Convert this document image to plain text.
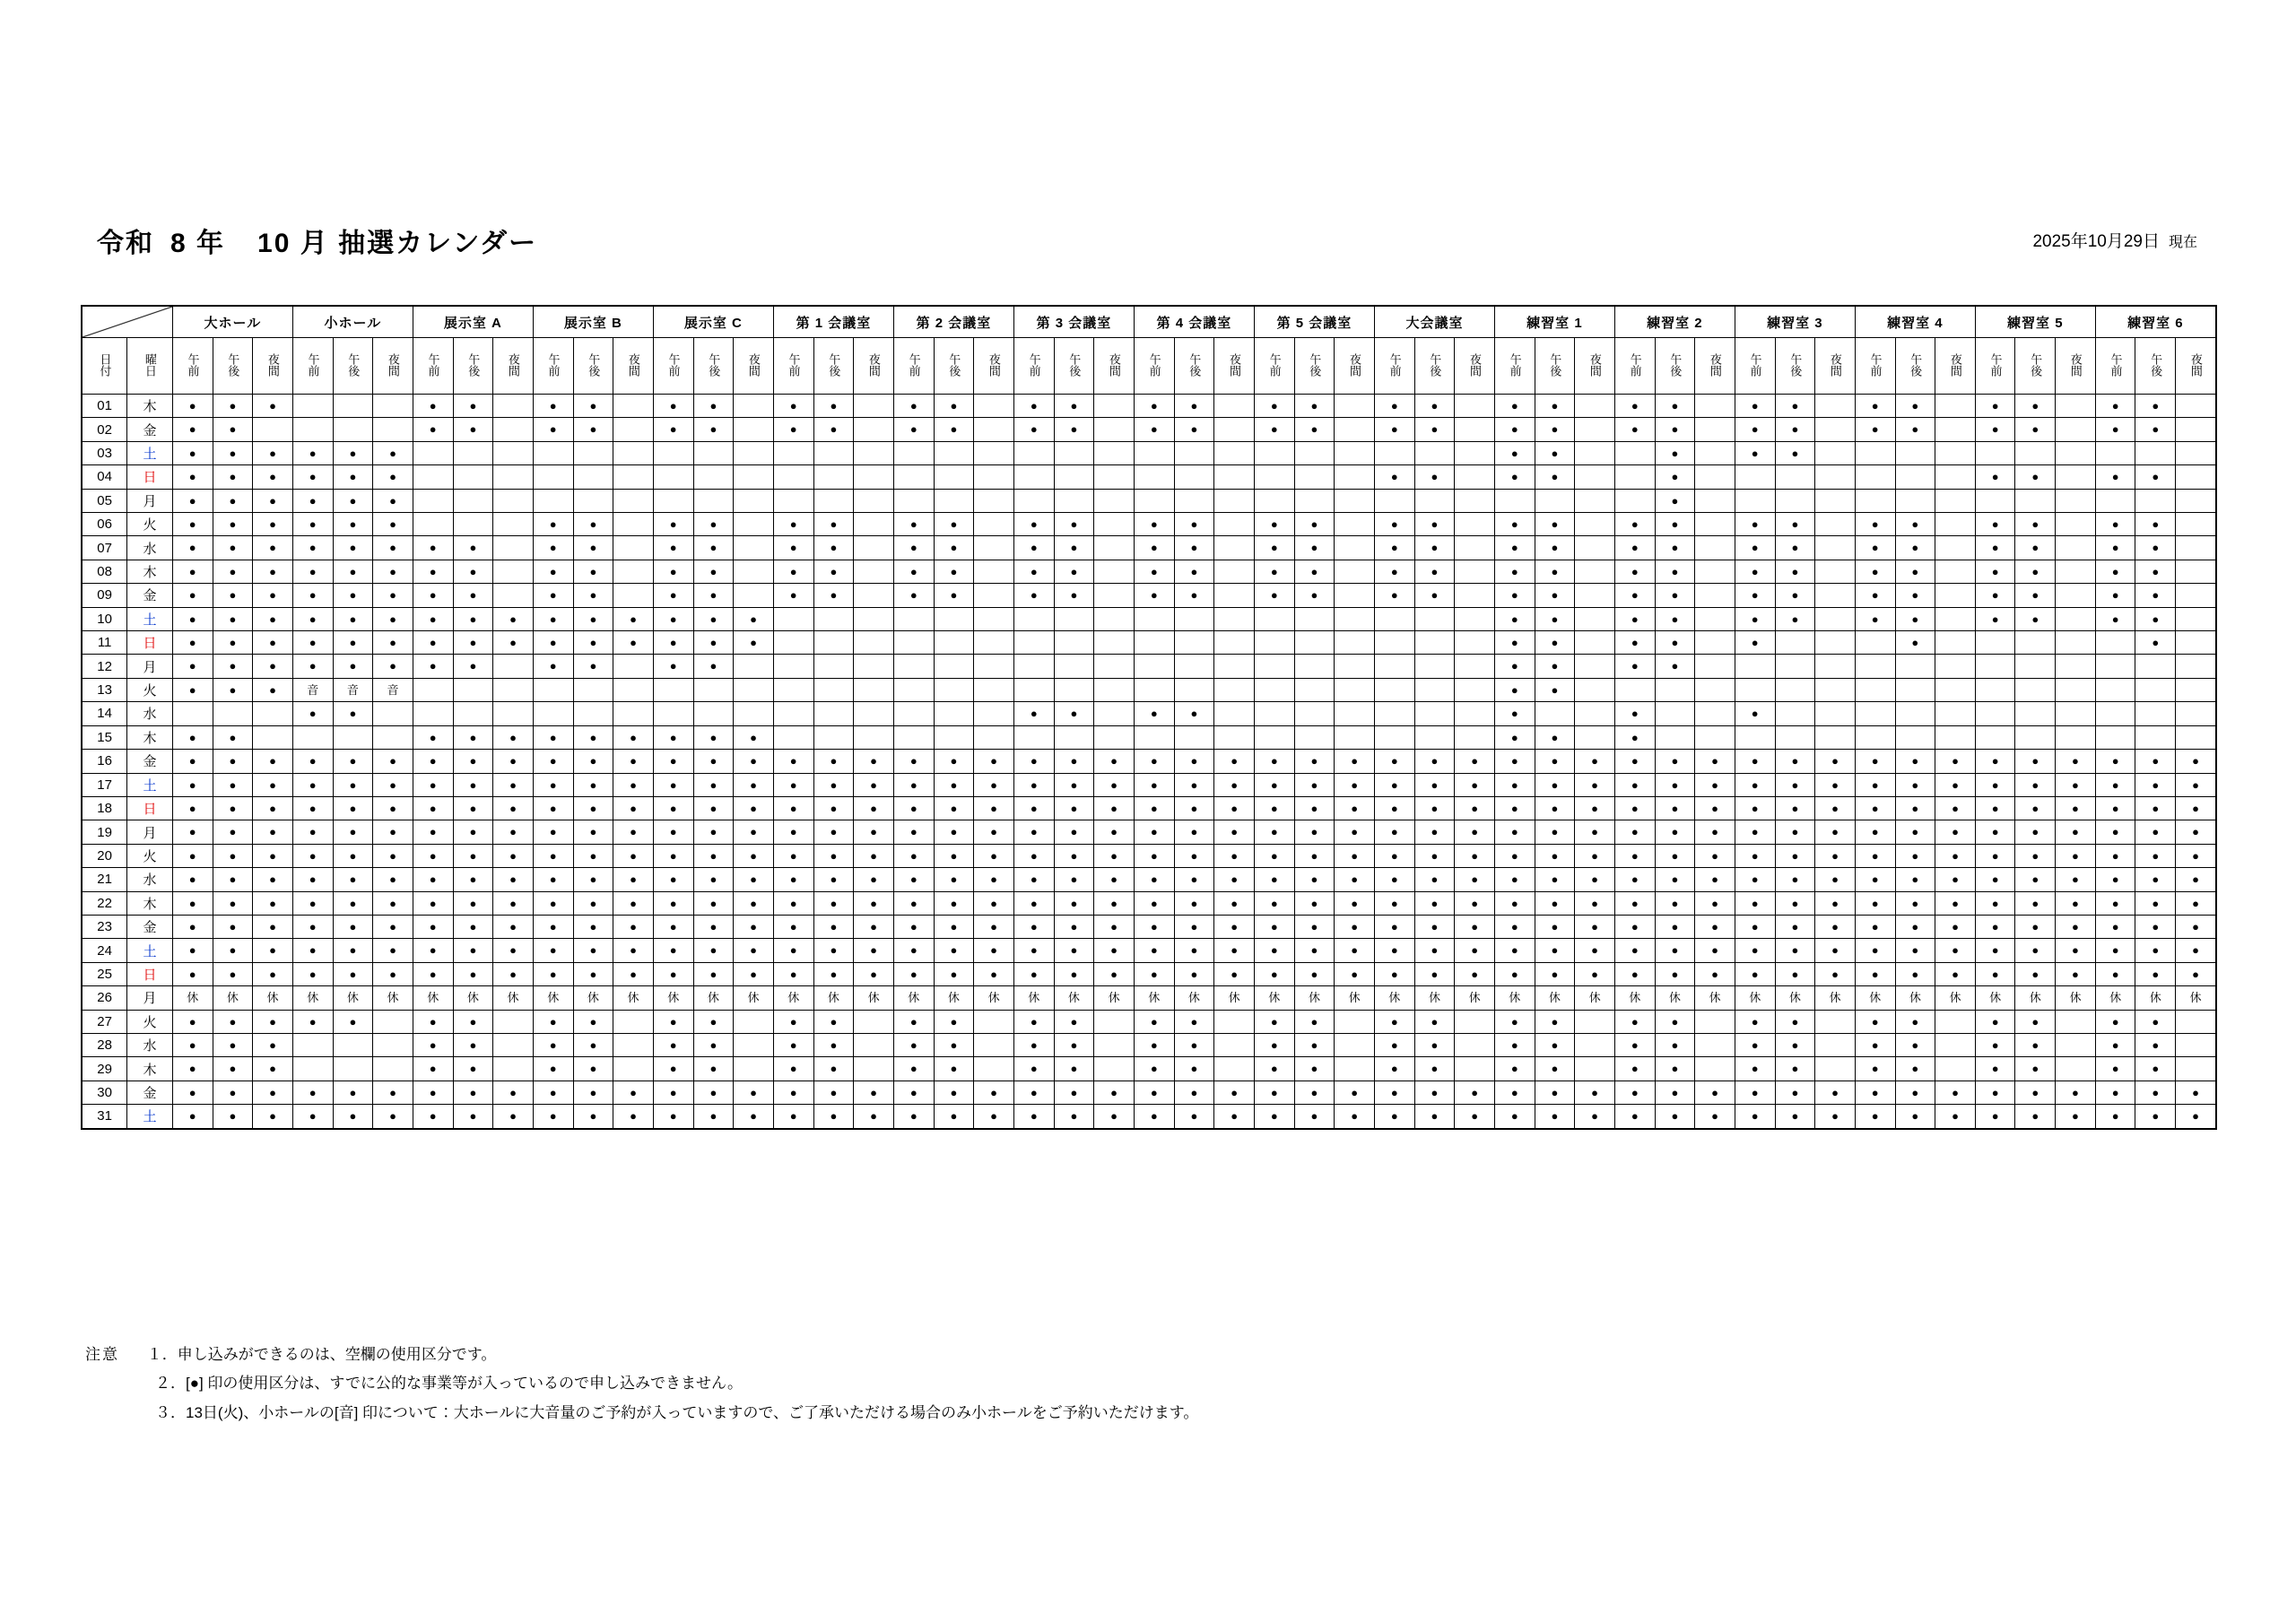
令和 8 年 10 月 抽選カレンダー	2025年10月29日 現在
		大ホール			小ホール			展示室 A			展示室 B			展示室 C			第 1 会議室			第 2 会議室			第 3 会議室			第 4 会議室			第 5 会議室			大会議室			練習室 1			練習室 2			練習室 3			練習室 4			練習室 5			練習室 6		
日付	曜日	午前	午後	夜間	午前	午後	夜間	午前	午後	夜間	午前	午後	夜間	午前	午後	夜間	午前	午後	夜間	午前	午後	夜間	午前	午後	夜間	午前	午後	夜間	午前	午後	夜間	午前	午後	夜間	午前	午後	夜間	午前	午後	夜間	午前	午後	夜間	午前	午後	夜間	午前	午後	夜間	午前	午後	夜間
01	木	●	●	●				●	●		●	●		●	●		●	●		●	●		●	●		●	●		●	●		●	●		●	●		●	●		●	●		●	●		●	●		●	●	
02	金	●	●					●	●		●	●		●	●		●	●		●	●		●	●		●	●		●	●		●	●		●	●		●	●		●	●		●	●		●	●		●	●	
03	土	●	●	●	●	●	●																												●	●			●		●	●										
04	日	●	●	●	●	●	●																									●	●		●	●			●								●	●		●	●	
05	月	●	●	●	●	●	●																																●													
06	火	●	●	●	●	●	●				●	●		●	●		●	●		●	●		●	●		●	●		●	●		●	●		●	●		●	●		●	●		●	●		●	●		●	●	
07	水	●	●	●	●	●	●	●	●		●	●		●	●		●	●		●	●		●	●		●	●		●	●		●	●		●	●		●	●		●	●		●	●		●	●		●	●	
08	木	●	●	●	●	●	●	●	●		●	●		●	●		●	●		●	●		●	●		●	●		●	●		●	●		●	●		●	●		●	●		●	●		●	●		●	●	
09	金	●	●	●	●	●	●	●	●		●	●		●	●		●	●		●	●		●	●		●	●		●	●		●	●		●	●		●	●		●	●		●	●		●	●		●	●	
10	土	●	●	●	●	●	●	●	●	●	●	●	●	●	●	●																			●	●		●	●		●	●		●	●		●	●		●	●	
11	日	●	●	●	●	●	●	●	●	●	●	●	●	●	●	●																			●	●		●	●		●				●						●	
12	月	●	●	●	●	●	●	●	●		●	●		●	●																				●	●		●	●													
13	火	●	●	●	音	音	音																												●	●																
14	水				●	●																	●	●		●	●								●			●			●											
15	木	●	●					●	●	●	●	●	●	●	●	●																			●	●		●														
16	金	●	●	●	●	●	●	●	●	●	●	●	●	●	●	●	●	●	●	●	●	●	●	●	●	●	●	●	●	●	●	●	●	●	●	●	●	●	●	●	●	●	●	●	●	●	●	●	●	●	●	●
17	土	●	●	●	●	●	●	●	●	●	●	●	●	●	●	●	●	●	●	●	●	●	●	●	●	●	●	●	●	●	●	●	●	●	●	●	●	●	●	●	●	●	●	●	●	●	●	●	●	●	●	●
18	日	●	●	●	●	●	●	●	●	●	●	●	●	●	●	●	●	●	●	●	●	●	●	●	●	●	●	●	●	●	●	●	●	●	●	●	●	●	●	●	●	●	●	●	●	●	●	●	●	●	●	●
19	月	●	●	●	●	●	●	●	●	●	●	●	●	●	●	●	●	●	●	●	●	●	●	●	●	●	●	●	●	●	●	●	●	●	●	●	●	●	●	●	●	●	●	●	●	●	●	●	●	●	●	●
20	火	●	●	●	●	●	●	●	●	●	●	●	●	●	●	●	●	●	●	●	●	●	●	●	●	●	●	●	●	●	●	●	●	●	●	●	●	●	●	●	●	●	●	●	●	●	●	●	●	●	●	●
21	水	●	●	●	●	●	●	●	●	●	●	●	●	●	●	●	●	●	●	●	●	●	●	●	●	●	●	●	●	●	●	●	●	●	●	●	●	●	●	●	●	●	●	●	●	●	●	●	●	●	●	●
22	木	●	●	●	●	●	●	●	●	●	●	●	●	●	●	●	●	●	●	●	●	●	●	●	●	●	●	●	●	●	●	●	●	●	●	●	●	●	●	●	●	●	●	●	●	●	●	●	●	●	●	●
23	金	●	●	●	●	●	●	●	●	●	●	●	●	●	●	●	●	●	●	●	●	●	●	●	●	●	●	●	●	●	●	●	●	●	●	●	●	●	●	●	●	●	●	●	●	●	●	●	●	●	●	●
24	土	●	●	●	●	●	●	●	●	●	●	●	●	●	●	●	●	●	●	●	●	●	●	●	●	●	●	●	●	●	●	●	●	●	●	●	●	●	●	●	●	●	●	●	●	●	●	●	●	●	●	●
25	日	●	●	●	●	●	●	●	●	●	●	●	●	●	●	●	●	●	●	●	●	●	●	●	●	●	●	●	●	●	●	●	●	●	●	●	●	●	●	●	●	●	●	●	●	●	●	●	●	●	●	●
26	月	休	休	休	休	休	休	休	休	休	休	休	休	休	休	休	休	休	休	休	休	休	休	休	休	休	休	休	休	休	休	休	休	休	休	休	休	休	休	休	休	休	休	休	休	休	休	休	休	休	休	休
27	火	●	●	●	●	●		●	●		●	●		●	●		●	●		●	●		●	●		●	●		●	●		●	●		●	●		●	●		●	●		●	●		●	●		●	●	
28	水	●	●	●				●	●		●	●		●	●		●	●		●	●		●	●		●	●		●	●		●	●		●	●		●	●		●	●		●	●		●	●		●	●	
29	木	●	●	●				●	●		●	●		●	●		●	●		●	●		●	●		●	●		●	●		●	●		●	●		●	●		●	●		●	●		●	●		●	●	
30	金	●	●	●	●	●	●	●	●	●	●	●	●	●	●	●	●	●	●	●	●	●	●	●	●	●	●	●	●	●	●	●	●	●	●	●	●	●	●	●	●	●	●	●	●	●	●	●	●	●	●	●
31	土	●	●	●	●	●	●	●	●	●	●	●	●	●	●	●	●	●	●	●	●	●	●	●	●	●	●	●	●	●	●	●	●	●	●	●	●	●	●	●	●	●	●	●	●	●	●	●	●	●	●	●
注意 １．申し込みができるのは、空欄の使用区分です。
２．[●] 印の使用区分は、すでに公的な事業等が入っているので申し込みできません。
３．13日(火)、小ホールの[音] 印について：大ホールに大音量のご予約が入っていますので、ご了承いただける場合のみ小ホールをご予約いただけます。
